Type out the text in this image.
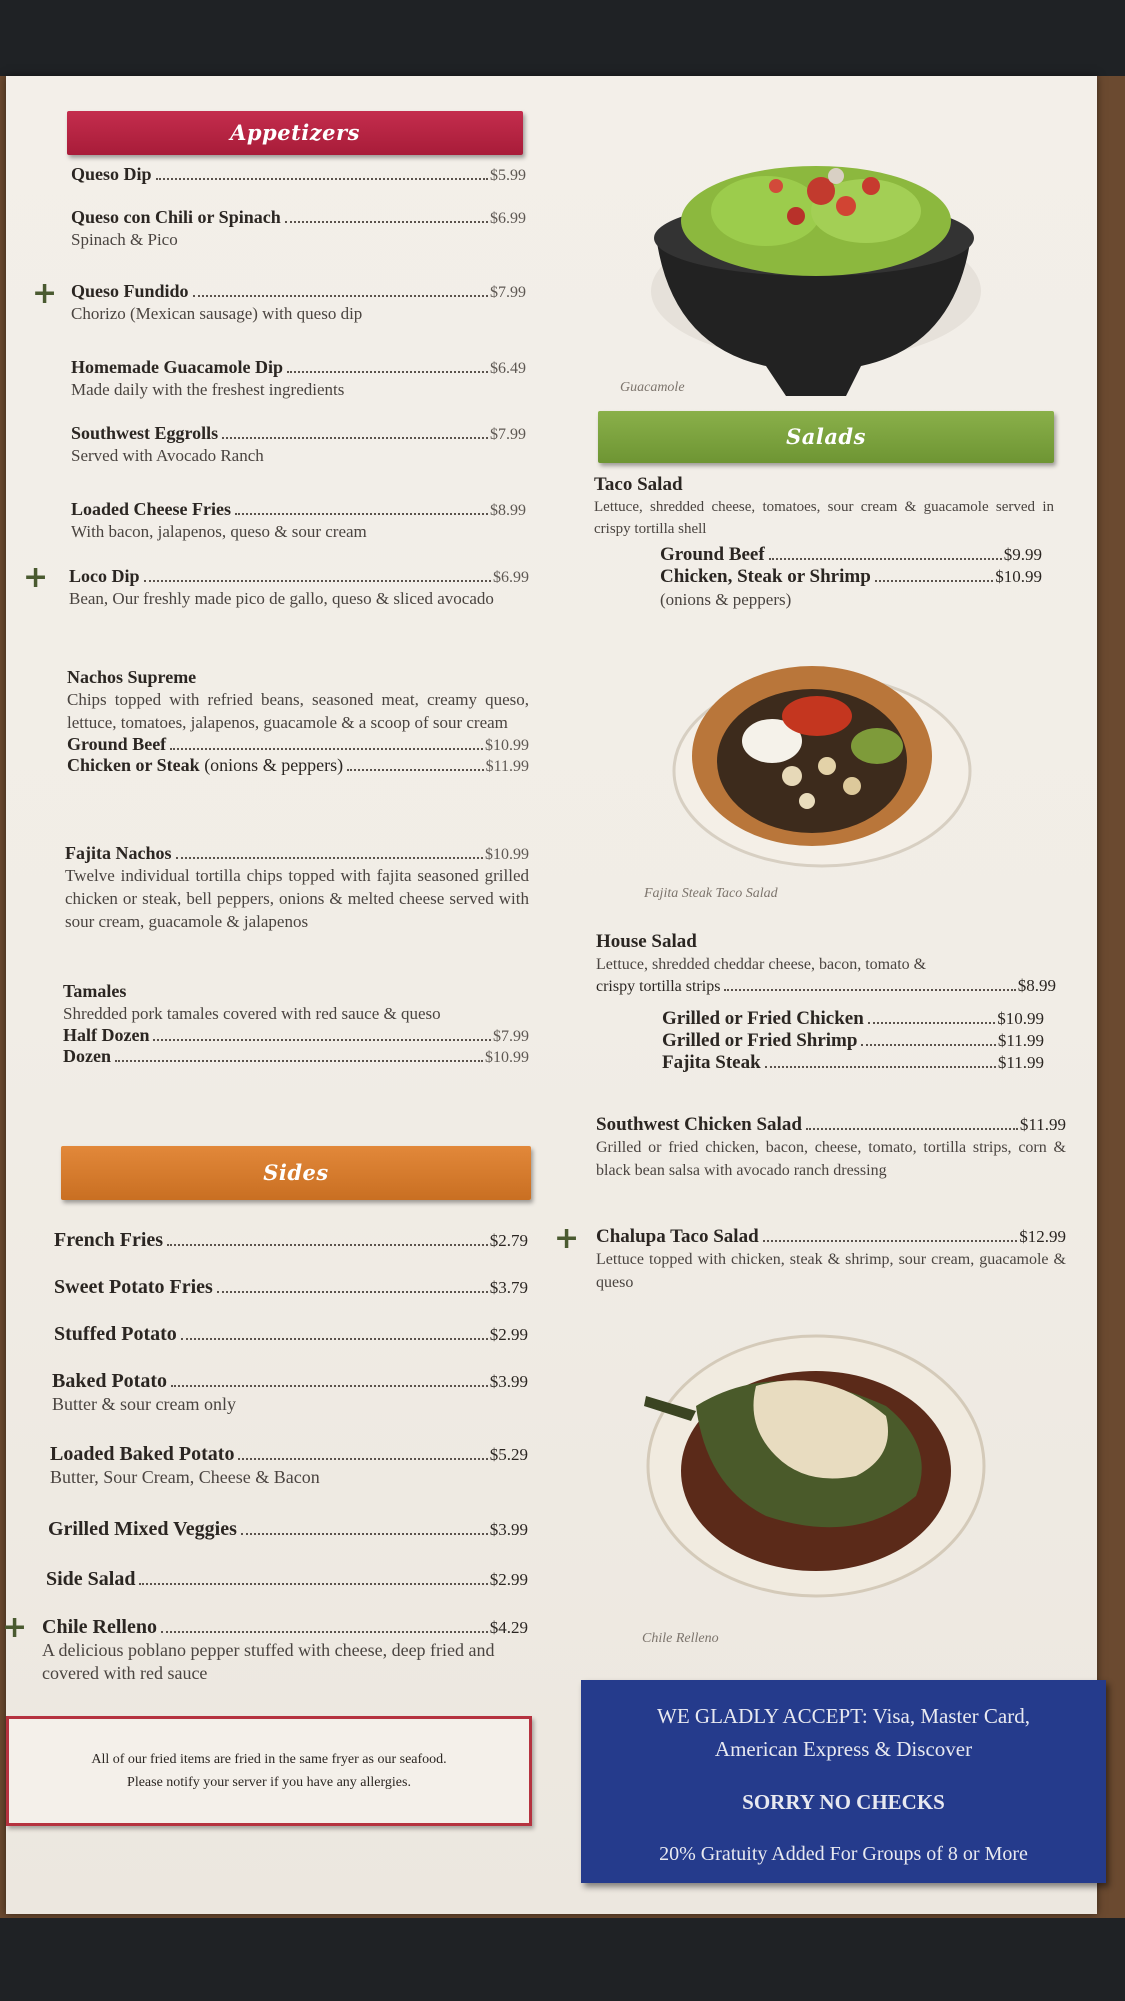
Appetizers
Queso Dip	$5.99
Queso con Chili or Spinach	$6.99
Spinach & Pico
+ Queso Fundido	$7.99
Chorizo (Mexican sausage) with queso dip
Homemade Guacamole Dip	$6.49
Made daily with the freshest ingredients
Southwest Eggrolls	$7.99
Served with Avocado Ranch
Loaded Cheese Fries	$8.99
With bacon, jalapenos, queso & sour cream
+ Loco Dip	$6.99
Bean, Our freshly made pico de gallo, queso & sliced avocado
Nachos Supreme
Chips topped with refried beans, seasoned meat, creamy queso, lettuce, tomatoes, jalapenos, guacamole & a scoop of sour cream
Ground Beef	$10.99
Chicken or Steak
(onions & peppers)	$11.99
Fajita Nachos	$10.99
Twelve individual tortilla chips topped with fajita seasoned grilled chicken or steak, bell peppers, onions & melted cheese served with sour cream, guacamole & jalapenos
Tamales
Shredded pork tamales covered with red sauce & queso
Half Dozen	$7.99
Dozen	$10.99
Sides
French Fries	$2.79
Sweet Potato Fries	$3.79
Stuffed Potato	$2.99
Baked Potato	$3.99
Butter & sour cream only
Loaded Baked Potato	$5.29
Butter, Sour Cream, Cheese & Bacon
Grilled Mixed Veggies	$3.99
Side Salad	$2.99
+ Chile Relleno	$4.29
A delicious poblano pepper stuffed with cheese, deep fried and covered with red sauce
All of our fried items are fried in the same fryer as our seafood.
Please notify your server if you have any allergies.
Guacamole
Salads
Taco Salad
Lettuce, shredded cheese, tomatoes, sour cream & guacamole served in crispy tortilla shell
Ground Beef	$9.99
Chicken, Steak or Shrimp	$10.99
(onions & peppers)
Fajita Steak Taco Salad
House Salad
Lettuce, shredded cheddar cheese, bacon, tomato &
crispy tortilla strips	$8.99
Grilled or Fried Chicken	$10.99
Grilled or Fried Shrimp	$11.99
Fajita Steak	$11.99
Southwest Chicken Salad	$11.99
Grilled or fried chicken, bacon, cheese, tomato, tortilla strips, corn & black bean salsa with avocado ranch dressing
+ Chalupa Taco Salad	$12.99
Lettuce topped with chicken, steak & shrimp, sour cream, guacamole & queso
Chile Relleno
WE GLADLY ACCEPT: Visa, Master Card,
American Express & Discover
SORRY NO CHECKS
20% Gratuity Added For Groups of 8 or More
